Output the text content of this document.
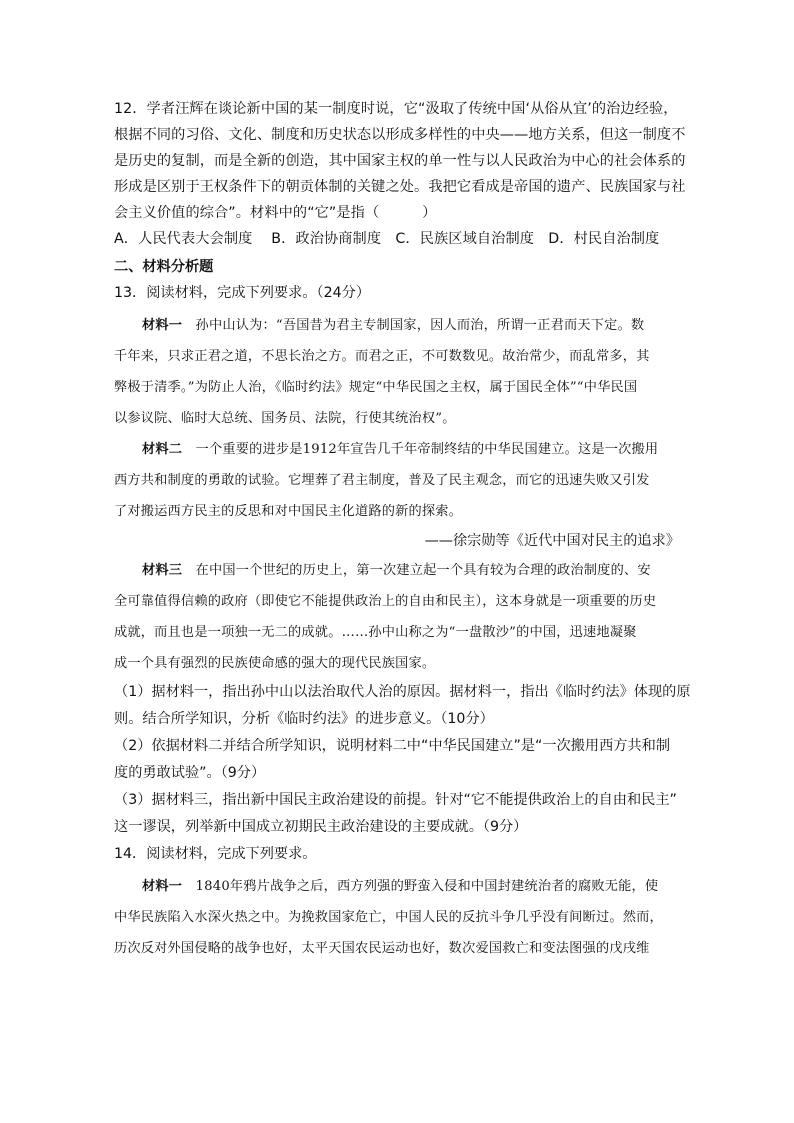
12．学者汪辉在谈论新中国的某一制度时说，它“汲取了传统中国‘从俗从宜’的治边经验，
根据不同的习俗、文化、制度和历史状态以形成多样性的中央——地方关系，但这一制度不
是历史的复制，而是全新的创造，其中国家主权的单一性与以人民政治为中心的社会体系的
形成是区别于王权条件下的朝贡体制的关键之处。我把它看成是帝国的遗产、民族国家与社
会主义价值的综合”。材料中的“它”是指（　　　）
A．人民代表大会制度　 B．政治协商制度　C．民族区域自治制度　D．村民自治制度
二、材料分析题
13．阅读材料，完成下列要求。（24分）
材料一　孙中山认为：“吾国昔为君主专制国家，因人而治，所谓一正君而天下定。数
千年来，只求正君之道，不思长治之方。而君之正，不可数数见。故治常少，而乱常多，其
弊极于清季。”为防止人治，《临时约法》规定“中华民国之主权，属于国民全体”“中华民国
以参议院、临时大总统、国务员、法院，行使其统治权”。
材料二　一个重要的进步是1912年宣告几千年帝制终结的中华民国建立。这是一次搬用
西方共和制度的勇敢的试验。它埋葬了君主制度，普及了民主观念，而它的迅速失败又引发
了对搬运西方民主的反思和对中国民主化道路的新的探索。
——徐宗勋等《近代中国对民主的追求》
材料三　在中国一个世纪的历史上，第一次建立起一个具有较为合理的政治制度的、安
全可靠值得信赖的政府（即使它不能提供政治上的自由和民主），这本身就是一项重要的历史
成就，而且也是一项独一无二的成就。……孙中山称之为“一盘散沙”的中国，迅速地凝聚
成一个具有强烈的民族使命感的强大的现代民族国家。
（1）据材料一，指出孙中山以法治取代人治的原因。据材料一，指出《临时约法》体现的原
则。结合所学知识，分析《临时约法》的进步意义。（10分）
（2）依据材料二并结合所学知识，说明材料二中“中华民国建立”是“一次搬用西方共和制
度的勇敢试验”。（9分）
（3）据材料三，指出新中国民主政治建设的前提。针对“它不能提供政治上的自由和民主”
这一谬误，列举新中国成立初期民主政治建设的主要成就。（9分）
14．阅读材料，完成下列要求。
材料一　1840年鸦片战争之后，西方列强的野蛮入侵和中国封建统治者的腐败无能，使
中华民族陷入水深火热之中。为挽救国家危亡，中国人民的反抗斗争几乎没有间断过。然而，
历次反对外国侵略的战争也好，太平天国农民运动也好，数次爱国救亡和变法图强的戊戌维
